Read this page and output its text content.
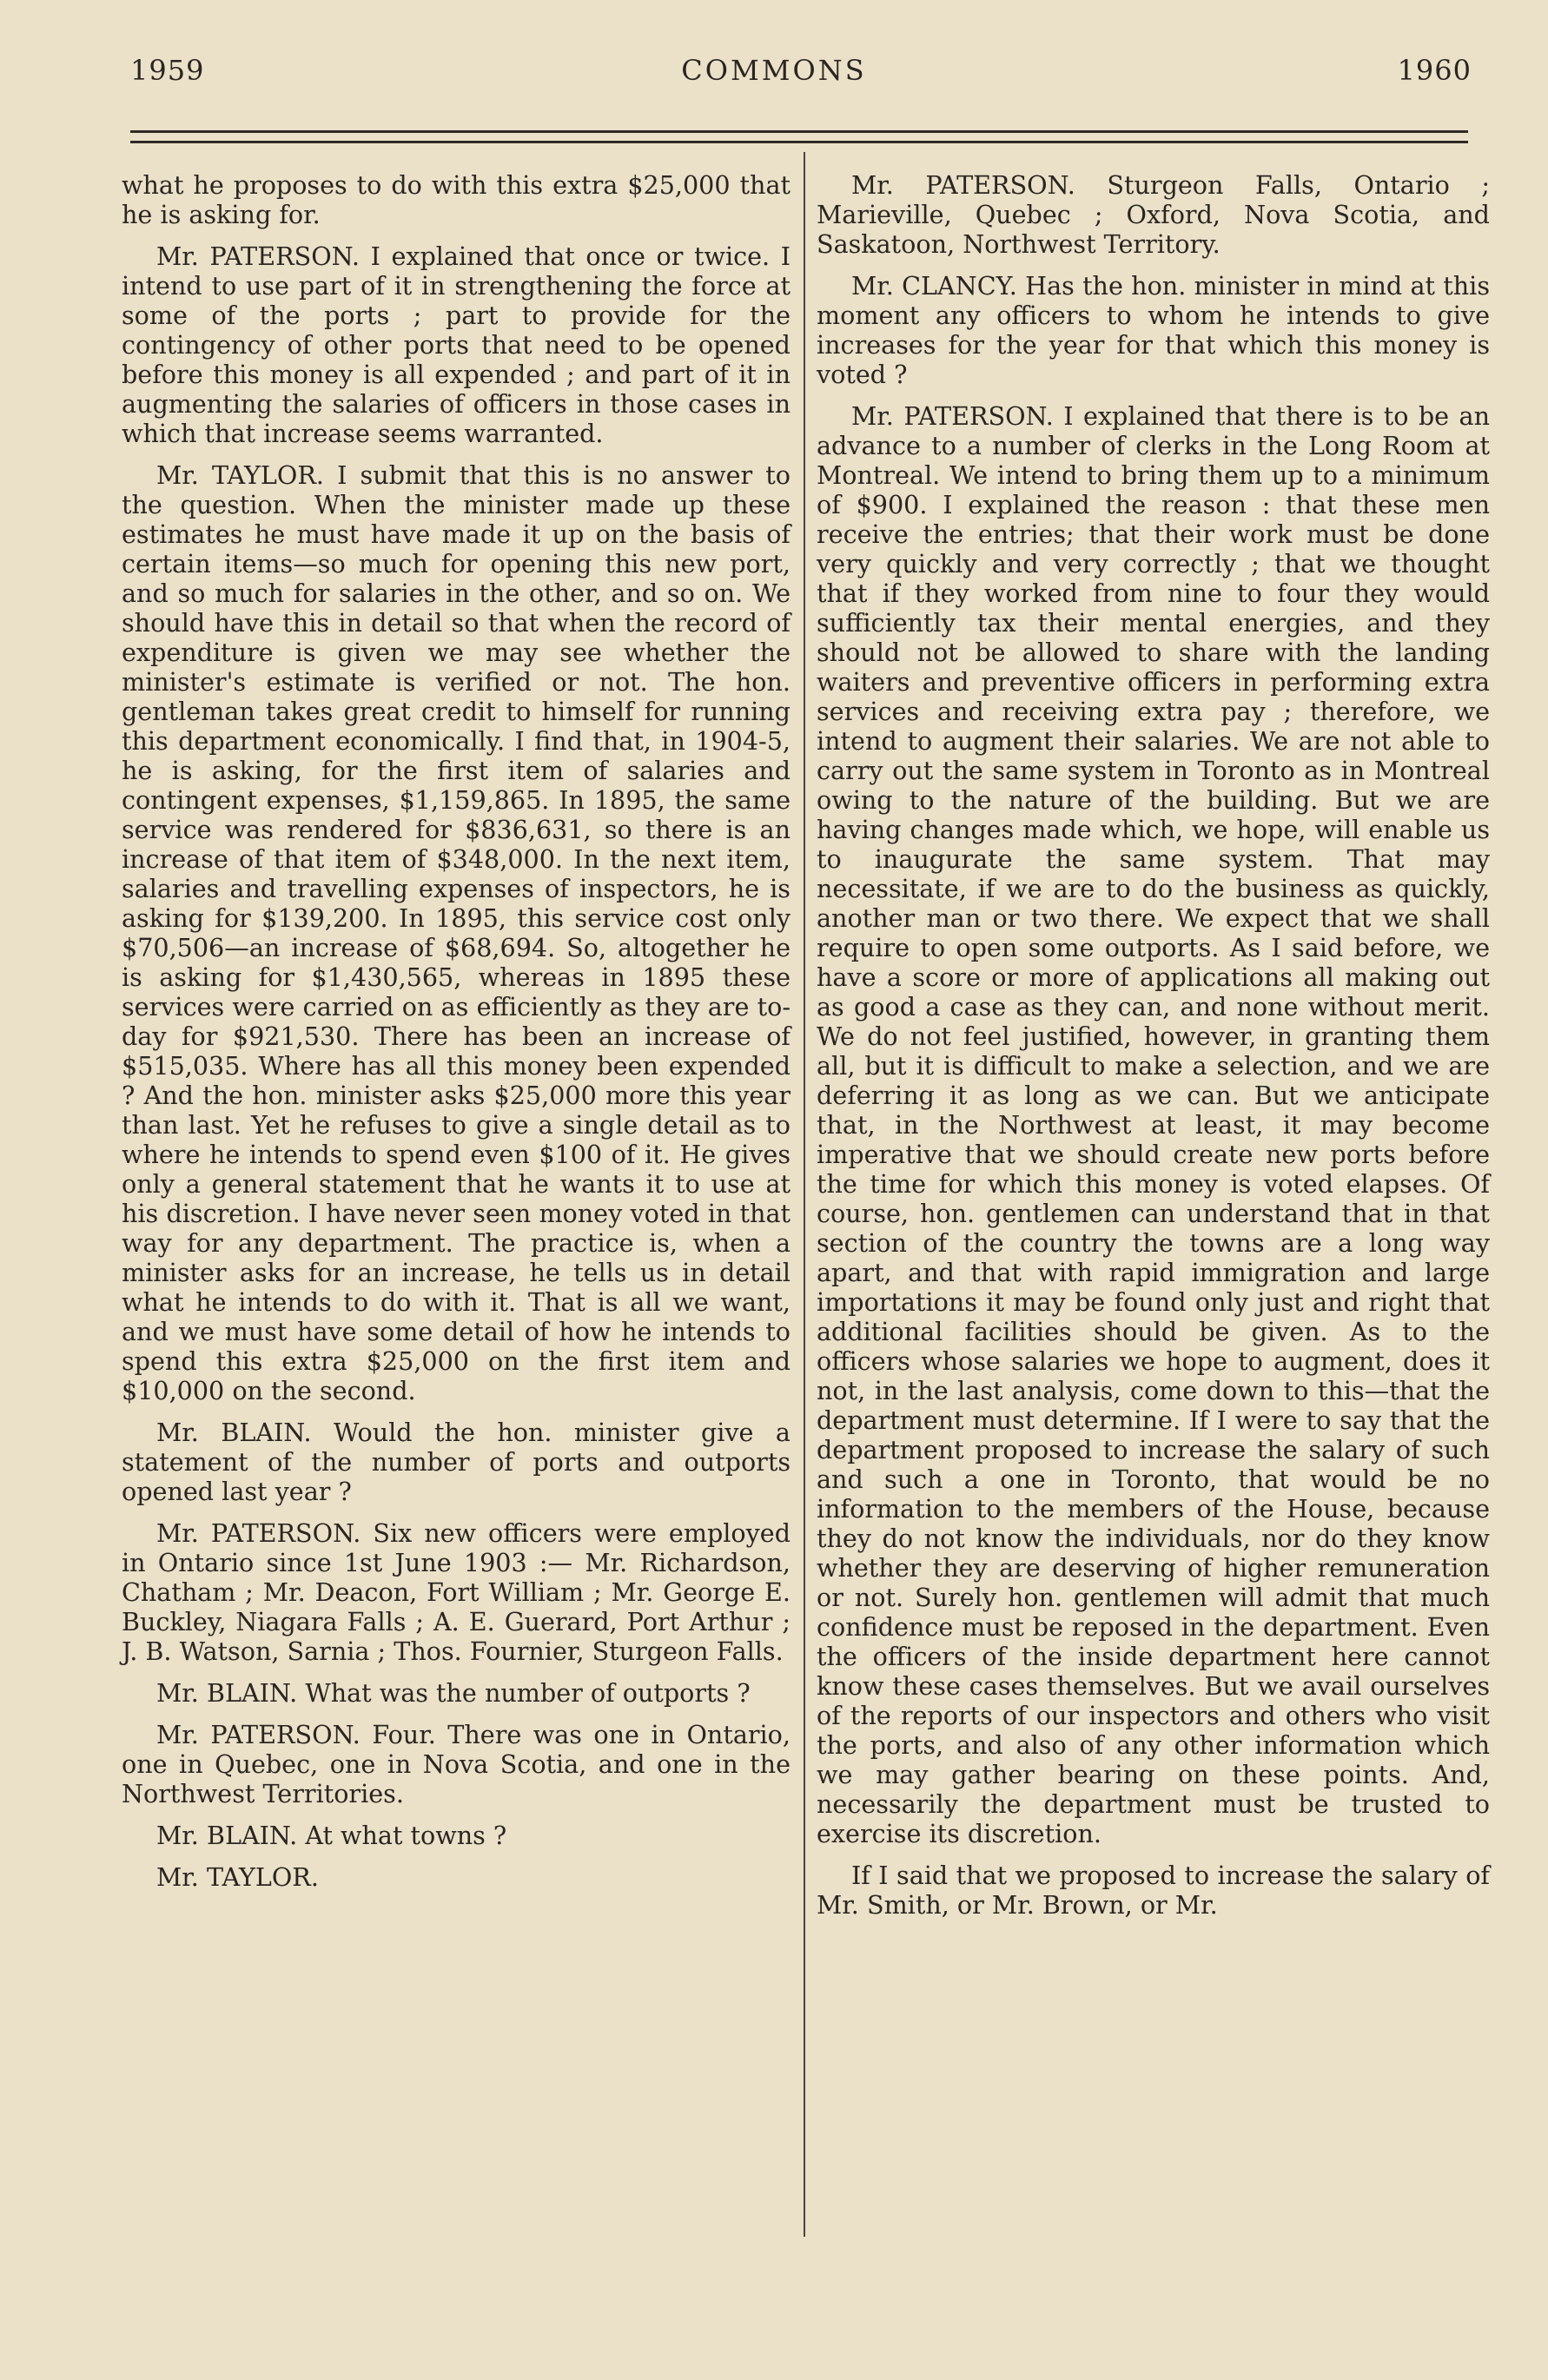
1959	COMMONS	1960

what he proposes to do with this extra $25,000 that he is asking for.

Mr. PATERSON. I explained that once or twice. I intend to use part of it in strengthening the force at some of the ports ; part to provide for the contingency of other ports that need to be opened before this money is all expended ; and part of it in augmenting the salaries of officers in those cases in which that increase seems warranted.

Mr. TAYLOR. I submit that this is no answer to the question. When the minister made up these estimates he must have made it up on the basis of certain items—so much for opening this new port, and so much for salaries in the other, and so on. We should have this in detail so that when the record of expenditure is given we may see whether the minister's estimate is verified or not. The hon. gentleman takes great credit to himself for running this department economically. I find that, in 1904-5, he is asking, for the first item of salaries and contingent expenses, $1,159,865. In 1895, the same service was rendered for $836,631, so there is an increase of that item of $348,000. In the next item, salaries and travelling expenses of inspectors, he is asking for $139,200. In 1895, this service cost only $70,506—an increase of $68,694. So, altogether he is asking for $1,430,565, whereas in 1895 these services were carried on as efficiently as they are to-day for $921,530. There has been an increase of $515,035. Where has all this money been expended ? And the hon. minister asks $25,000 more this year than last. Yet he refuses to give a single detail as to where he intends to spend even $100 of it. He gives only a general statement that he wants it to use at his discretion. I have never seen money voted in that way for any department. The practice is, when a minister asks for an increase, he tells us in detail what he intends to do with it. That is all we want, and we must have some detail of how he intends to spend this extra $25,000 on the first item and $10,000 on the second.

Mr. BLAIN. Would the hon. minister give a statement of the number of ports and outports opened last year ?

Mr. PATERSON. Six new officers were employed in Ontario since 1st June 1903 :— Mr. Richardson, Chatham ; Mr. Deacon, Fort William ; Mr. George E. Buckley, Niagara Falls ; A. E. Guerard, Port Arthur ; J. B. Watson, Sarnia ; Thos. Fournier, Sturgeon Falls.

Mr. BLAIN. What was the number of outports ?

Mr. PATERSON. Four. There was one in Ontario, one in Quebec, one in Nova Scotia, and one in the Northwest Territories.

Mr. BLAIN. At what towns ?

Mr. TAYLOR.

Mr. PATERSON. Sturgeon Falls, Ontario ; Marieville, Quebec ; Oxford, Nova Scotia, and Saskatoon, Northwest Territory.

Mr. CLANCY. Has the hon. minister in mind at this moment any officers to whom he intends to give increases for the year for that which this money is voted ?

Mr. PATERSON. I explained that there is to be an advance to a number of clerks in the Long Room at Montreal. We intend to bring them up to a minimum of $900. I explained the reason : that these men receive the entries; that their work must be done very quickly and very correctly ; that we thought that if they worked from nine to four they would sufficiently tax their mental energies, and they should not be allowed to share with the landing waiters and preventive officers in performing extra services and receiving extra pay ; therefore, we intend to augment their salaries. We are not able to carry out the same system in Toronto as in Montreal owing to the nature of the building. But we are having changes made which, we hope, will enable us to inaugurate the same system. That may necessitate, if we are to do the business as quickly, another man or two there. We expect that we shall require to open some outports. As I said before, we have a score or more of applications all making out as good a case as they can, and none without merit. We do not feel justified, however, in granting them all, but it is difficult to make a selection, and we are deferring it as long as we can. But we anticipate that, in the Northwest at least, it may become imperative that we should create new ports before the time for which this money is voted elapses. Of course, hon. gentlemen can understand that in that section of the country the towns are a long way apart, and that with rapid immigration and large importations it may be found only just and right that additional facilities should be given. As to the officers whose salaries we hope to augment, does it not, in the last analysis, come down to this—that the department must determine. If I were to say that the department proposed to increase the salary of such and such a one in Toronto, that would be no information to the members of the House, because they do not know the individuals, nor do they know whether they are deserving of higher remuneration or not. Surely hon. gentlemen will admit that much confidence must be reposed in the department. Even the officers of the inside department here cannot know these cases themselves. But we avail ourselves of the reports of our inspectors and others who visit the ports, and also of any other information which we may gather bearing on these points. And, necessarily the department must be trusted to exercise its discretion.

If I said that we proposed to increase the salary of Mr. Smith, or Mr. Brown, or Mr.
